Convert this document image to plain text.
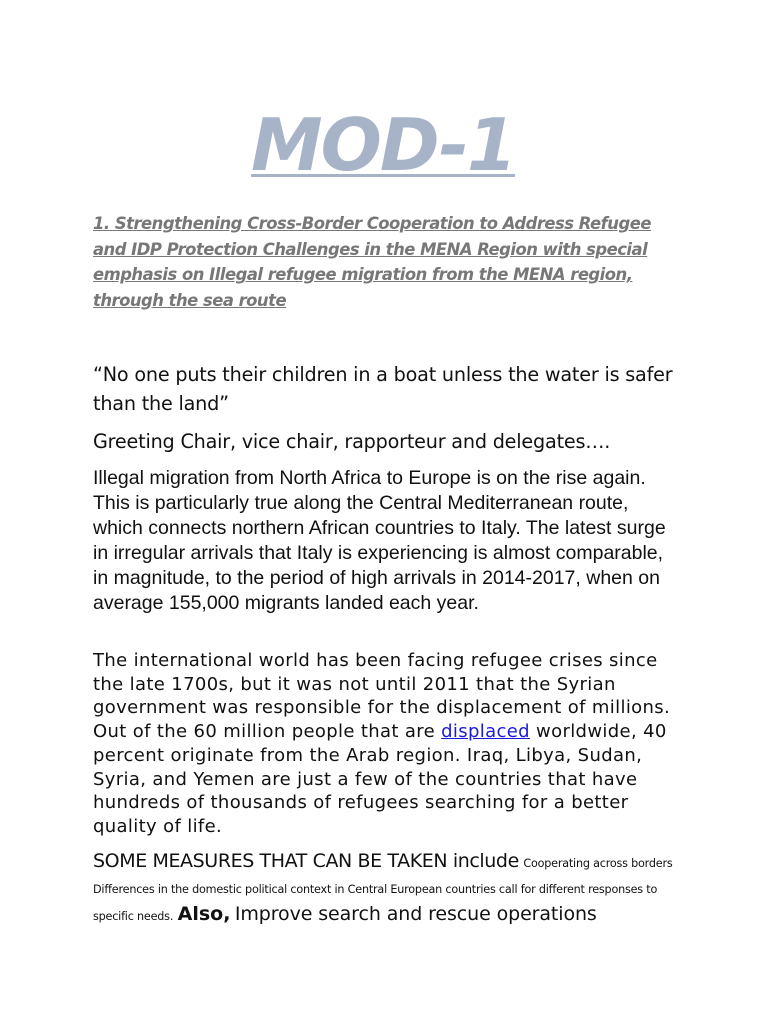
MOD-1
1. Strengthening Cross-Border Cooperation to Address Refugee and IDP Protection Challenges in the MENA Region with special emphasis on Illegal refugee migration from the MENA region, through the sea route
“No one puts their children in a boat unless the water is safer than the land”
Greeting Chair, vice chair, rapporteur and delegates….
Illegal migration from North Africa to Europe is on the rise again. This is particularly true along the Central Mediterranean route, which connects northern African countries to Italy. The latest surge in irregular arrivals that Italy is experiencing is almost comparable, in magnitude, to the period of high arrivals in 2014-2017, when on average 155,000 migrants landed each year.
The international world has been facing refugee crises since the late 1700s, but it was not until 2011 that the Syrian government was responsible for the displacement of millions. Out of the 60 million people that are displaced worldwide, 40 percent originate from the Arab region. Iraq, Libya, Sudan, Syria, and Yemen are just a few of the countries that have hundreds of thousands of refugees searching for a better quality of life.
SOME MEASURES THAT CAN BE TAKEN include Cooperating across borders Differences in the domestic political context in Central European countries call for different responses to specific needs. Also, Improve search and rescue operations
